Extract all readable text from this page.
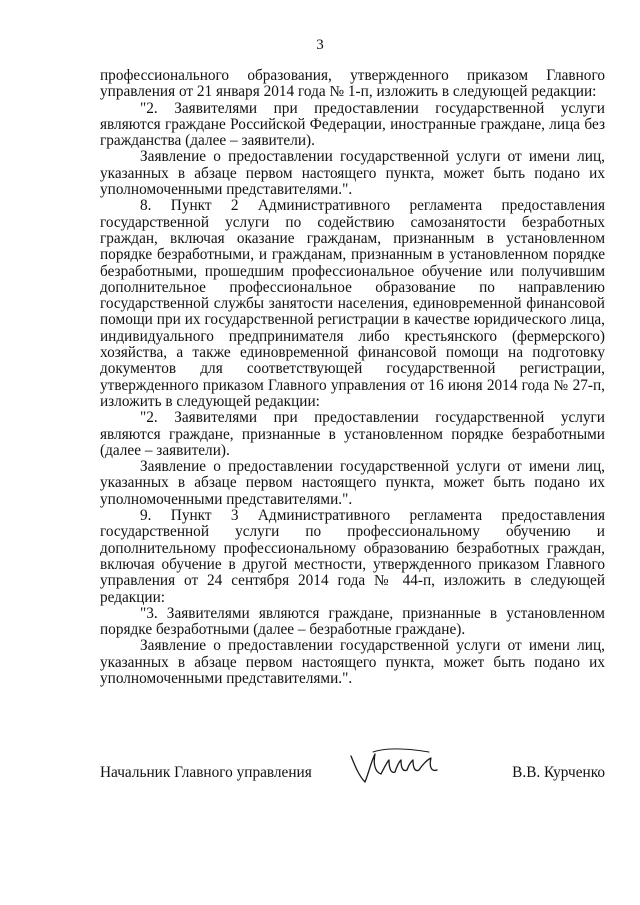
3

профессионального образования, утвержденного приказом Главного управления от 21 января 2014 года № 1-п, изложить в следующей редакции:

"2. Заявителями при предоставлении государственной услуги являются граждане Российской Федерации, иностранные граждане, лица без гражданства (далее – заявители).

Заявление о предоставлении государственной услуги от имени лиц, указанных в абзаце первом настоящего пункта, может быть подано их уполномоченными представителями.".

8. Пункт 2 Административного регламента предоставления государственной услуги по содействию самозанятости безработных граждан, включая оказание гражданам, признанным в установленном порядке безработными, и гражданам, признанным в установленном порядке безработными, прошедшим профессиональное обучение или получившим дополнительное профессиональное образование по направлению государственной службы занятости населения, единовременной финансовой помощи при их государственной регистрации в качестве юридического лица, индивидуального предпринимателя либо крестьянского (фермерского) хозяйства, а также единовременной финансовой помощи на подготовку документов для соответствующей государственной регистрации, утвержденного приказом Главного управления от 16 июня 2014 года № 27-п, изложить в следующей редакции:

"2. Заявителями при предоставлении государственной услуги являются граждане, признанные в установленном порядке безработными (далее – заявители).

Заявление о предоставлении государственной услуги от имени лиц, указанных в абзаце первом настоящего пункта, может быть подано их уполномоченными представителями.".

9. Пункт 3 Административного регламента предоставления государственной услуги по профессиональному обучению и дополнительному профессиональному образованию безработных граждан, включая обучение в другой местности, утвержденного приказом Главного управления от 24 сентября 2014 года № 44-п, изложить в следующей редакции:

"3. Заявителями являются граждане, признанные в установленном порядке безработными (далее – безработные граждане).

Заявление о предоставлении государственной услуги от имени лиц, указанных в абзаце первом настоящего пункта, может быть подано их уполномоченными представителями.".

Начальник Главного управления	В.В. Курченко
